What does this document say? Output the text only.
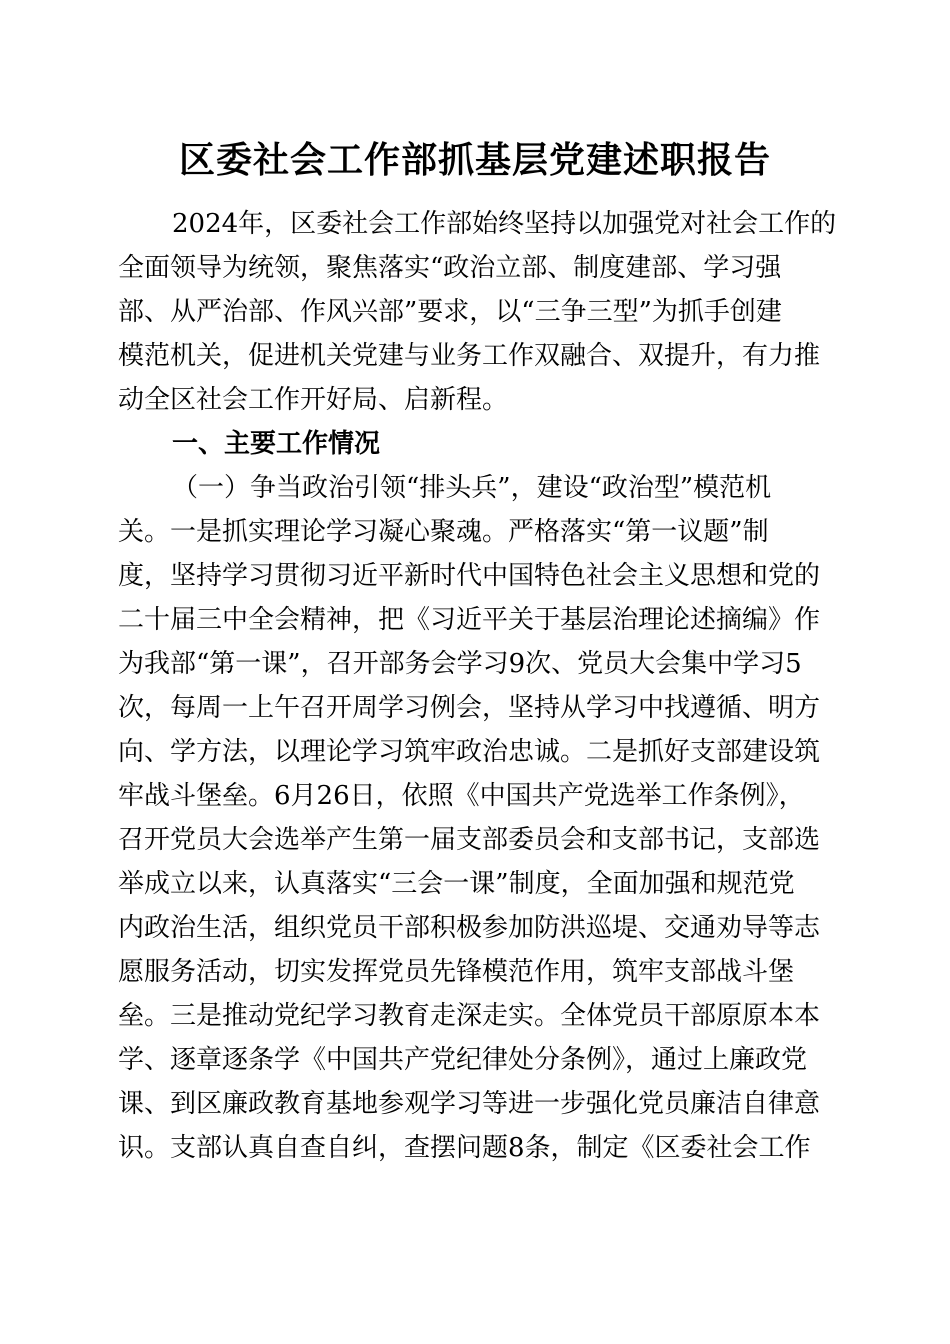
区委社会工作部抓基层党建述职报告
2024年，区委社会工作部始终坚持以加强党对社会工作的
全面领导为统领，聚焦落实“政治立部、制度建部、学习强
部、从严治部、作风兴部”要求，以“三争三型”为抓手创建
模范机关，促进机关党建与业务工作双融合、双提升，有力推
动全区社会工作开好局、启新程。
一、主要工作情况
（一）争当政治引领“排头兵”，建设“政治型”模范机
关。一是抓实理论学习凝心聚魂。严格落实“第一议题”制
度，坚持学习贯彻习近平新时代中国特色社会主义思想和党的
二十届三中全会精神，把《习近平关于基层治理论述摘编》作
为我部“第一课”，召开部务会学习9次、党员大会集中学习5
次，每周一上午召开周学习例会，坚持从学习中找遵循、明方
向、学方法，以理论学习筑牢政治忠诚。二是抓好支部建设筑
牢战斗堡垒。6月26日，依照《中国共产党选举工作条例》，
召开党员大会选举产生第一届支部委员会和支部书记，支部选
举成立以来，认真落实“三会一课”制度，全面加强和规范党
内政治生活，组织党员干部积极参加防洪巡堤、交通劝导等志
愿服务活动，切实发挥党员先锋模范作用，筑牢支部战斗堡
垒。三是推动党纪学习教育走深走实。全体党员干部原原本本
学、逐章逐条学《中国共产党纪律处分条例》，通过上廉政党
课、到区廉政教育基地参观学习等进一步强化党员廉洁自律意
识。支部认真自查自纠，查摆问题8条，制定《区委社会工作
